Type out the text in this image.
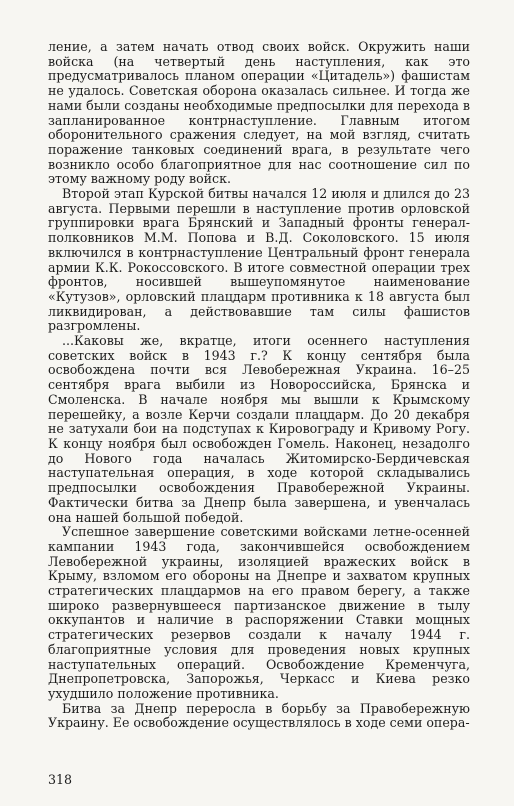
ление, а затем начать отвод своих войск. Окружить наши войска (на четвертый день наступления, как это предусматривалось планом операции «Цитадель») фашистам не удалось. Советская оборона оказалась сильнее. И тогда же нами были созданы необходимые предпосылки для перехода в запланированное контрнаступление. Главным итогом оборонительного сражения следует, на мой взгляд, считать поражение танковых соединений врага, в результате чего возникло особо благоприятное для нас соотношение сил по этому важному роду войск.

Второй этап Курской битвы начался 12 июля и длился до 23 августа. Первыми перешли в наступление против орловской группировки врага Брянский и Западный фронты генерал-полковников М.М. Попова и В.Д. Соколовского. 15 июля включился в контрнаступление Центральный фронт генерала армии К.К. Рокоссовского. В итоге совместной операции трех фронтов, носившей вышеупомянутое наименование «Кутузов», орловский плацдарм противника к 18 августа был ликвидирован, а действовавшие там силы фашистов разгромлены.

...Каковы же, вкратце, итоги осеннего наступления советских войск в 1943 г.? К концу сентября была освобождена почти вся Левобережная Украина. 16–25 сентября врага выбили из Новороссийска, Брянска и Смоленска. В начале ноября мы вышли к Крымскому перешейку, а возле Керчи создали плацдарм. До 20 декабря не затухали бои на подступах к Кировограду и Кривому Рогу. К концу ноября был освобожден Гомель. Наконец, незадолго до Нового года началась Житомирско-Бердичевская наступательная операция, в ходе которой складывались предпосылки освобождения Правобережной Украины. Фактически битва за Днепр была завершена, и увенчалась она нашей большой победой.

Успешное завершение советскими войсками летне-осенней кампании 1943 года, закончившейся освобождением Левобережной украины, изоляцией вражеских войск в Крыму, взломом его обороны на Днепре и захватом крупных стратегических плацдармов на его правом берегу, а также широко развернувшееся партизанское движение в тылу оккупантов и наличие в распоряжении Ставки мощных стратегических резервов создали к началу 1944 г. благоприятные условия для проведения новых крупных наступательных операций. Освобождение Кременчуга, Днепропетровска, Запорожья, Черкасс и Киева резко ухудшило положение противника.

Битва за Днепр переросла в борьбу за Правобережную Украину. Ее освобождение осуществлялось в ходе семи опера-

318
